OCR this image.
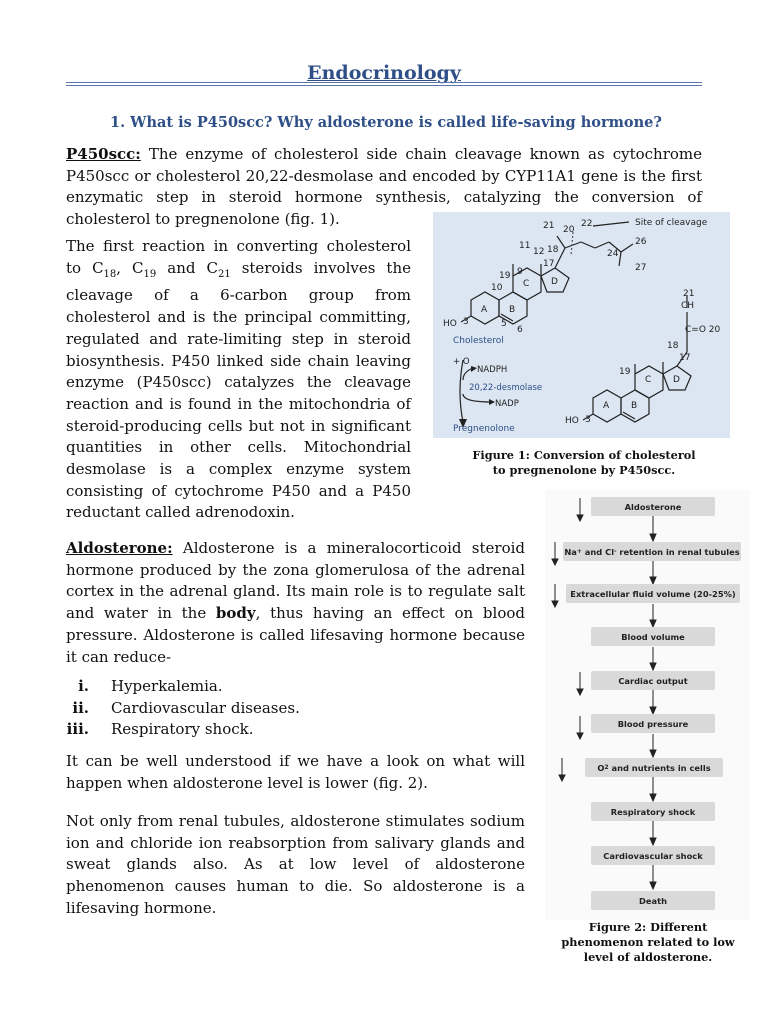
Endocrinology
1. What is P450scc? Why aldosterone is called life-saving hormone?
P450scc: The enzyme of cholesterol side chain cleavage known as cytochrome P450scc or cholesterol 20,22-desmolase and encoded by CYP11A1 gene is the first enzymatic step in steroid hormone synthesis, catalyzing the conversion of cholesterol to pregnenolone (fig. 1).
The first reaction in converting cholesterol to $C_{18}$, $C_{19}$ and $C_{21}$ steroids involves the cleavage of a 6-carbon group from cholesterol and is the principal committing, regulated and rate-limiting step in steroid biosynthesis. P450 linked side chain leaving enzyme (P450scc) catalyzes the cleavage reaction and is found in the mitochondria of steroid-producing cells but not in significant quantities in other cells. Mitochondrial desmolase is a complex enzyme system consisting of cytochrome P450 and a P450 reductant called adrenodoxin.
Site of cleavage
Cholesterol
+ O
NADPH
20,22-desmolase
NADP
Pregnenolone
HO
HO
CH
C=O 20
21 20
22
18	24
26
11
12
19
17
9
10
27
3	5
6
21
18
17
19
3
A B
C D
A B
C D
Figure 1: Conversion of cholesterol to pregnenolone by P450scc.
Aldosterone: Aldosterone is a mineralocorticoid steroid hormone produced by the zona glomerulosa of the adrenal cortex in the adrenal gland. Its main role is to regulate salt and water in the body, thus having an effect on blood pressure. Aldosterone is called lifesaving hormone because it can reduce-
i. Hyperkalemia.
ii. Cardiovascular diseases.
iii. Respiratory shock.
It can be well understood if we have a look on what will happen when aldosterone level is lower (fig. 2).
Not only from renal tubules, aldosterone stimulates sodium ion and chloride ion reabsorption from salivary glands and sweat glands also. As at low level of aldosterone phenomenon causes human to die. So aldosterone is a lifesaving hormone.
Aldosterone
Na + and Cl - retention in renal tubules
Extracellular fluid volume (20-25%)
Blood volume
Cardiac output
Blood pressure
O 2 and nutrients in cells
Respiratory shock
Cardiovascular shock
Death
Figure 2: Different phenomenon related to low level of aldosterone.
